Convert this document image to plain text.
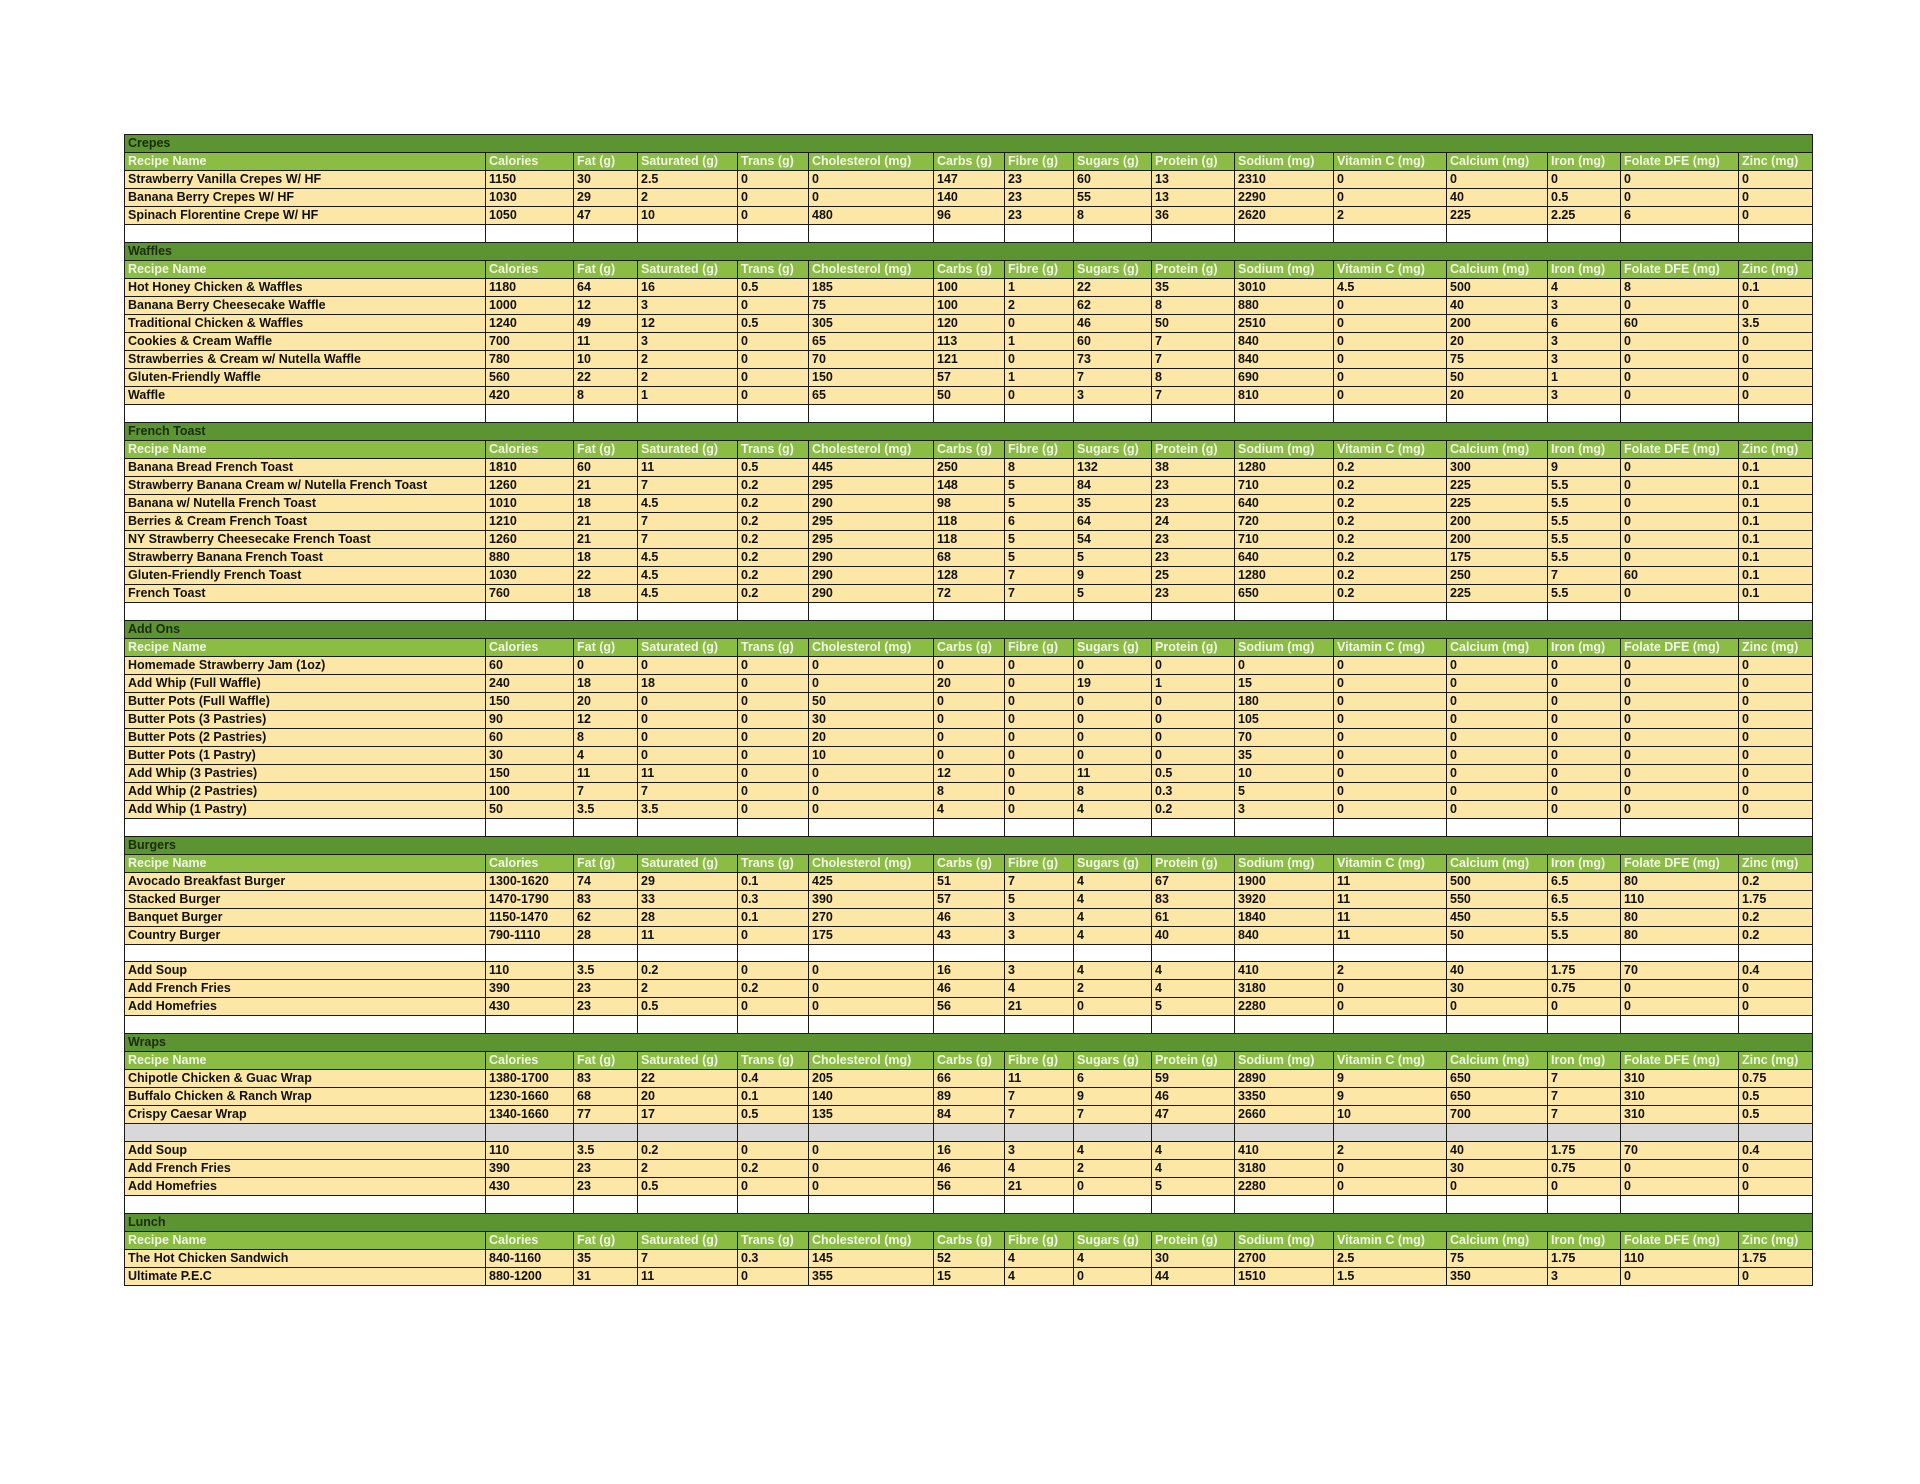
Crepes															
Recipe Name	Calories	Fat (g)	Saturated (g)	Trans (g)	Cholesterol (mg)	Carbs (g)	Fibre (g)	Sugars (g)	Protein (g)	Sodium (mg)	Vitamin C (mg)	Calcium (mg)	Iron (mg)	Folate DFE (mg)	Zinc (mg)
Strawberry Vanilla Crepes W/ HF	1150	30	2.5	0	0	147	23	60	13	2310	0	0	0	0	0
Banana Berry Crepes W/ HF	1030	29	2	0	0	140	23	55	13	2290	0	40	0.5	0	0
Spinach Florentine Crepe W/ HF	1050	47	10	0	480	96	23	8	36	2620	2	225	2.25	6	0

Waffles															
Recipe Name	Calories	Fat (g)	Saturated (g)	Trans (g)	Cholesterol (mg)	Carbs (g)	Fibre (g)	Sugars (g)	Protein (g)	Sodium (mg)	Vitamin C (mg)	Calcium (mg)	Iron (mg)	Folate DFE (mg)	Zinc (mg)
Hot Honey Chicken & Waffles	1180	64	16	0.5	185	100	1	22	35	3010	4.5	500	4	8	0.1
Banana Berry Cheesecake Waffle	1000	12	3	0	75	100	2	62	8	880	0	40	3	0	0
Traditional Chicken & Waffles	1240	49	12	0.5	305	120	0	46	50	2510	0	200	6	60	3.5
Cookies & Cream Waffle	700	11	3	0	65	113	1	60	7	840	0	20	3	0	0
Strawberries & Cream w/ Nutella Waffle	780	10	2	0	70	121	0	73	7	840	0	75	3	0	0
Gluten-Friendly Waffle	560	22	2	0	150	57	1	7	8	690	0	50	1	0	0
Waffle	420	8	1	0	65	50	0	3	7	810	0	20	3	0	0

French Toast															
Recipe Name	Calories	Fat (g)	Saturated (g)	Trans (g)	Cholesterol (mg)	Carbs (g)	Fibre (g)	Sugars (g)	Protein (g)	Sodium (mg)	Vitamin C (mg)	Calcium (mg)	Iron (mg)	Folate DFE (mg)	Zinc (mg)
Banana Bread French Toast	1810	60	11	0.5	445	250	8	132	38	1280	0.2	300	9	0	0.1
Strawberry Banana Cream w/ Nutella French Toast	1260	21	7	0.2	295	148	5	84	23	710	0.2	225	5.5	0	0.1
Banana w/ Nutella French Toast	1010	18	4.5	0.2	290	98	5	35	23	640	0.2	225	5.5	0	0.1
Berries & Cream French Toast	1210	21	7	0.2	295	118	6	64	24	720	0.2	200	5.5	0	0.1
NY Strawberry Cheesecake French Toast	1260	21	7	0.2	295	118	5	54	23	710	0.2	200	5.5	0	0.1
Strawberry Banana French Toast	880	18	4.5	0.2	290	68	5	5	23	640	0.2	175	5.5	0	0.1
Gluten-Friendly French Toast	1030	22	4.5	0.2	290	128	7	9	25	1280	0.2	250	7	60	0.1
French Toast	760	18	4.5	0.2	290	72	7	5	23	650	0.2	225	5.5	0	0.1

Add Ons															
Recipe Name	Calories	Fat (g)	Saturated (g)	Trans (g)	Cholesterol (mg)	Carbs (g)	Fibre (g)	Sugars (g)	Protein (g)	Sodium (mg)	Vitamin C (mg)	Calcium (mg)	Iron (mg)	Folate DFE (mg)	Zinc (mg)
Homemade Strawberry Jam (1oz)	60	0	0	0	0	0	0	0	0	0	0	0	0	0	0
Add Whip (Full Waffle)	240	18	18	0	0	20	0	19	1	15	0	0	0	0	0
Butter Pots (Full Waffle)	150	20	0	0	50	0	0	0	0	180	0	0	0	0	0
Butter Pots (3 Pastries)	90	12	0	0	30	0	0	0	0	105	0	0	0	0	0
Butter Pots (2 Pastries)	60	8	0	0	20	0	0	0	0	70	0	0	0	0	0
Butter Pots (1 Pastry)	30	4	0	0	10	0	0	0	0	35	0	0	0	0	0
Add Whip (3 Pastries)	150	11	11	0	0	12	0	11	0.5	10	0	0	0	0	0
Add Whip (2 Pastries)	100	7	7	0	0	8	0	8	0.3	5	0	0	0	0	0
Add Whip (1 Pastry)	50	3.5	3.5	0	0	4	0	4	0.2	3	0	0	0	0	0

Burgers															
Recipe Name	Calories	Fat (g)	Saturated (g)	Trans (g)	Cholesterol (mg)	Carbs (g)	Fibre (g)	Sugars (g)	Protein (g)	Sodium (mg)	Vitamin C (mg)	Calcium (mg)	Iron (mg)	Folate DFE (mg)	Zinc (mg)
Avocado Breakfast Burger	1300-1620	74	29	0.1	425	51	7	4	67	1900	11	500	6.5	80	0.2
Stacked Burger	1470-1790	83	33	0.3	390	57	5	4	83	3920	11	550	6.5	110	1.75
Banquet Burger	1150-1470	62	28	0.1	270	46	3	4	61	1840	11	450	5.5	80	0.2
Country Burger	790-1110	28	11	0	175	43	3	4	40	840	11	50	5.5	80	0.2

Add Soup	110	3.5	0.2	0	0	16	3	4	4	410	2	40	1.75	70	0.4
Add French Fries	390	23	2	0.2	0	46	4	2	4	3180	0	30	0.75	0	0
Add Homefries	430	23	0.5	0	0	56	21	0	5	2280	0	0	0	0	0

Wraps															
Recipe Name	Calories	Fat (g)	Saturated (g)	Trans (g)	Cholesterol (mg)	Carbs (g)	Fibre (g)	Sugars (g)	Protein (g)	Sodium (mg)	Vitamin C (mg)	Calcium (mg)	Iron (mg)	Folate DFE (mg)	Zinc (mg)
Chipotle Chicken & Guac Wrap	1380-1700	83	22	0.4	205	66	11	6	59	2890	9	650	7	310	0.75
Buffalo Chicken & Ranch Wrap	1230-1660	68	20	0.1	140	89	7	9	46	3350	9	650	7	310	0.5
Crispy Caesar Wrap	1340-1660	77	17	0.5	135	84	7	7	47	2660	10	700	7	310	0.5

Add Soup	110	3.5	0.2	0	0	16	3	4	4	410	2	40	1.75	70	0.4
Add French Fries	390	23	2	0.2	0	46	4	2	4	3180	0	30	0.75	0	0
Add Homefries	430	23	0.5	0	0	56	21	0	5	2280	0	0	0	0	0

Lunch															
Recipe Name	Calories	Fat (g)	Saturated (g)	Trans (g)	Cholesterol (mg)	Carbs (g)	Fibre (g)	Sugars (g)	Protein (g)	Sodium (mg)	Vitamin C (mg)	Calcium (mg)	Iron (mg)	Folate DFE (mg)	Zinc (mg)
The Hot Chicken Sandwich	840-1160	35	7	0.3	145	52	4	4	30	2700	2.5	75	1.75	110	1.75
Ultimate P.E.C	880-1200	31	11	0	355	15	4	0	44	1510	1.5	350	3	0	0
